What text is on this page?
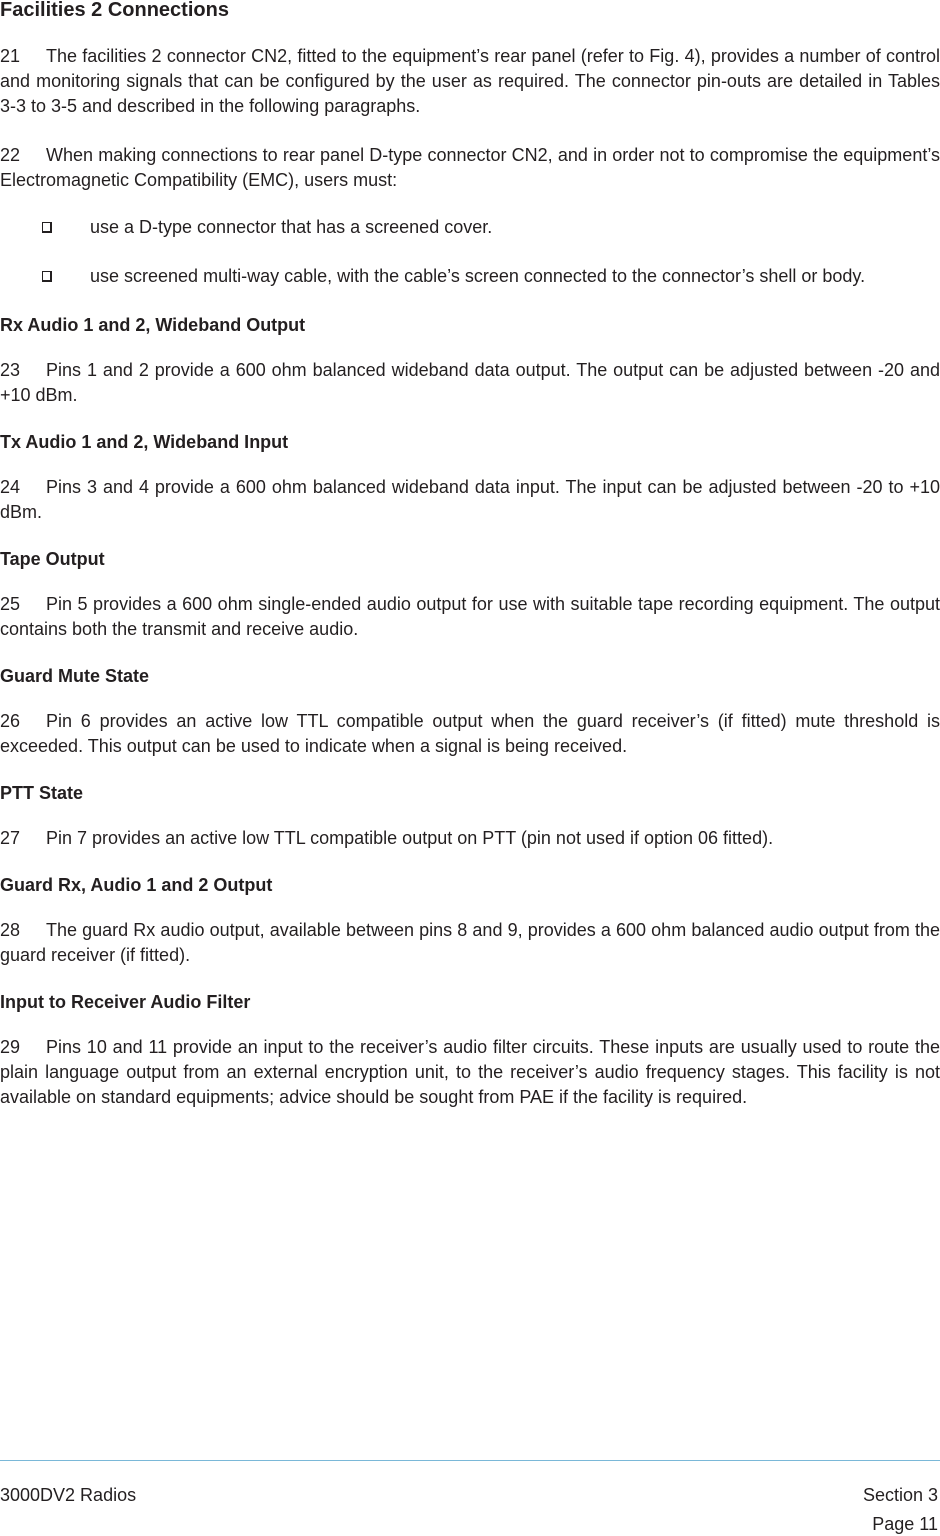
Facilities 2 Connections

21 The facilities 2 connector CN2, fitted to the equipment’s rear panel (refer to Fig. 4), provides a number of control and monitoring signals that can be configured by the user as required. The connector pin-outs are detailed in Tables 3-3 to 3-5 and described in the following paragraphs.

22 When making connections to rear panel D-type connector CN2, and in order not to compromise the equipment’s Electromagnetic Compatibility (EMC), users must:

use a D-type connector that has a screened cover.

use screened multi-way cable, with the cable’s screen connected to the connector’s shell or body.

Rx Audio 1 and 2, Wideband Output

23 Pins 1 and 2 provide a 600 ohm balanced wideband data output. The output can be adjusted between -20 and +10 dBm.

Tx Audio 1 and 2, Wideband Input

24 Pins 3 and 4 provide a 600 ohm balanced wideband data input. The input can be adjusted between -20 to +10 dBm.

Tape Output

25 Pin 5 provides a 600 ohm single-ended audio output for use with suitable tape recording equipment. The output contains both the transmit and receive audio.

Guard Mute State

26 Pin 6 provides an active low TTL compatible output when the guard receiver’s (if fitted) mute threshold is exceeded. This output can be used to indicate when a signal is being received.

PTT State

27 Pin 7 provides an active low TTL compatible output on PTT (pin not used if option 06 fitted).

Guard Rx, Audio 1 and 2 Output

28 The guard Rx audio output, available between pins 8 and 9, provides a 600 ohm balanced audio output from the guard receiver (if fitted).

Input to Receiver Audio Filter

29 Pins 10 and 11 provide an input to the receiver’s audio filter circuits. These inputs are usually used to route the plain language output from an external encryption unit, to the receiver’s audio frequency stages. This facility is not available on standard equipments; advice should be sought from PAE if the facility is required.

3000DV2 Radios	Section 3
Page 11
